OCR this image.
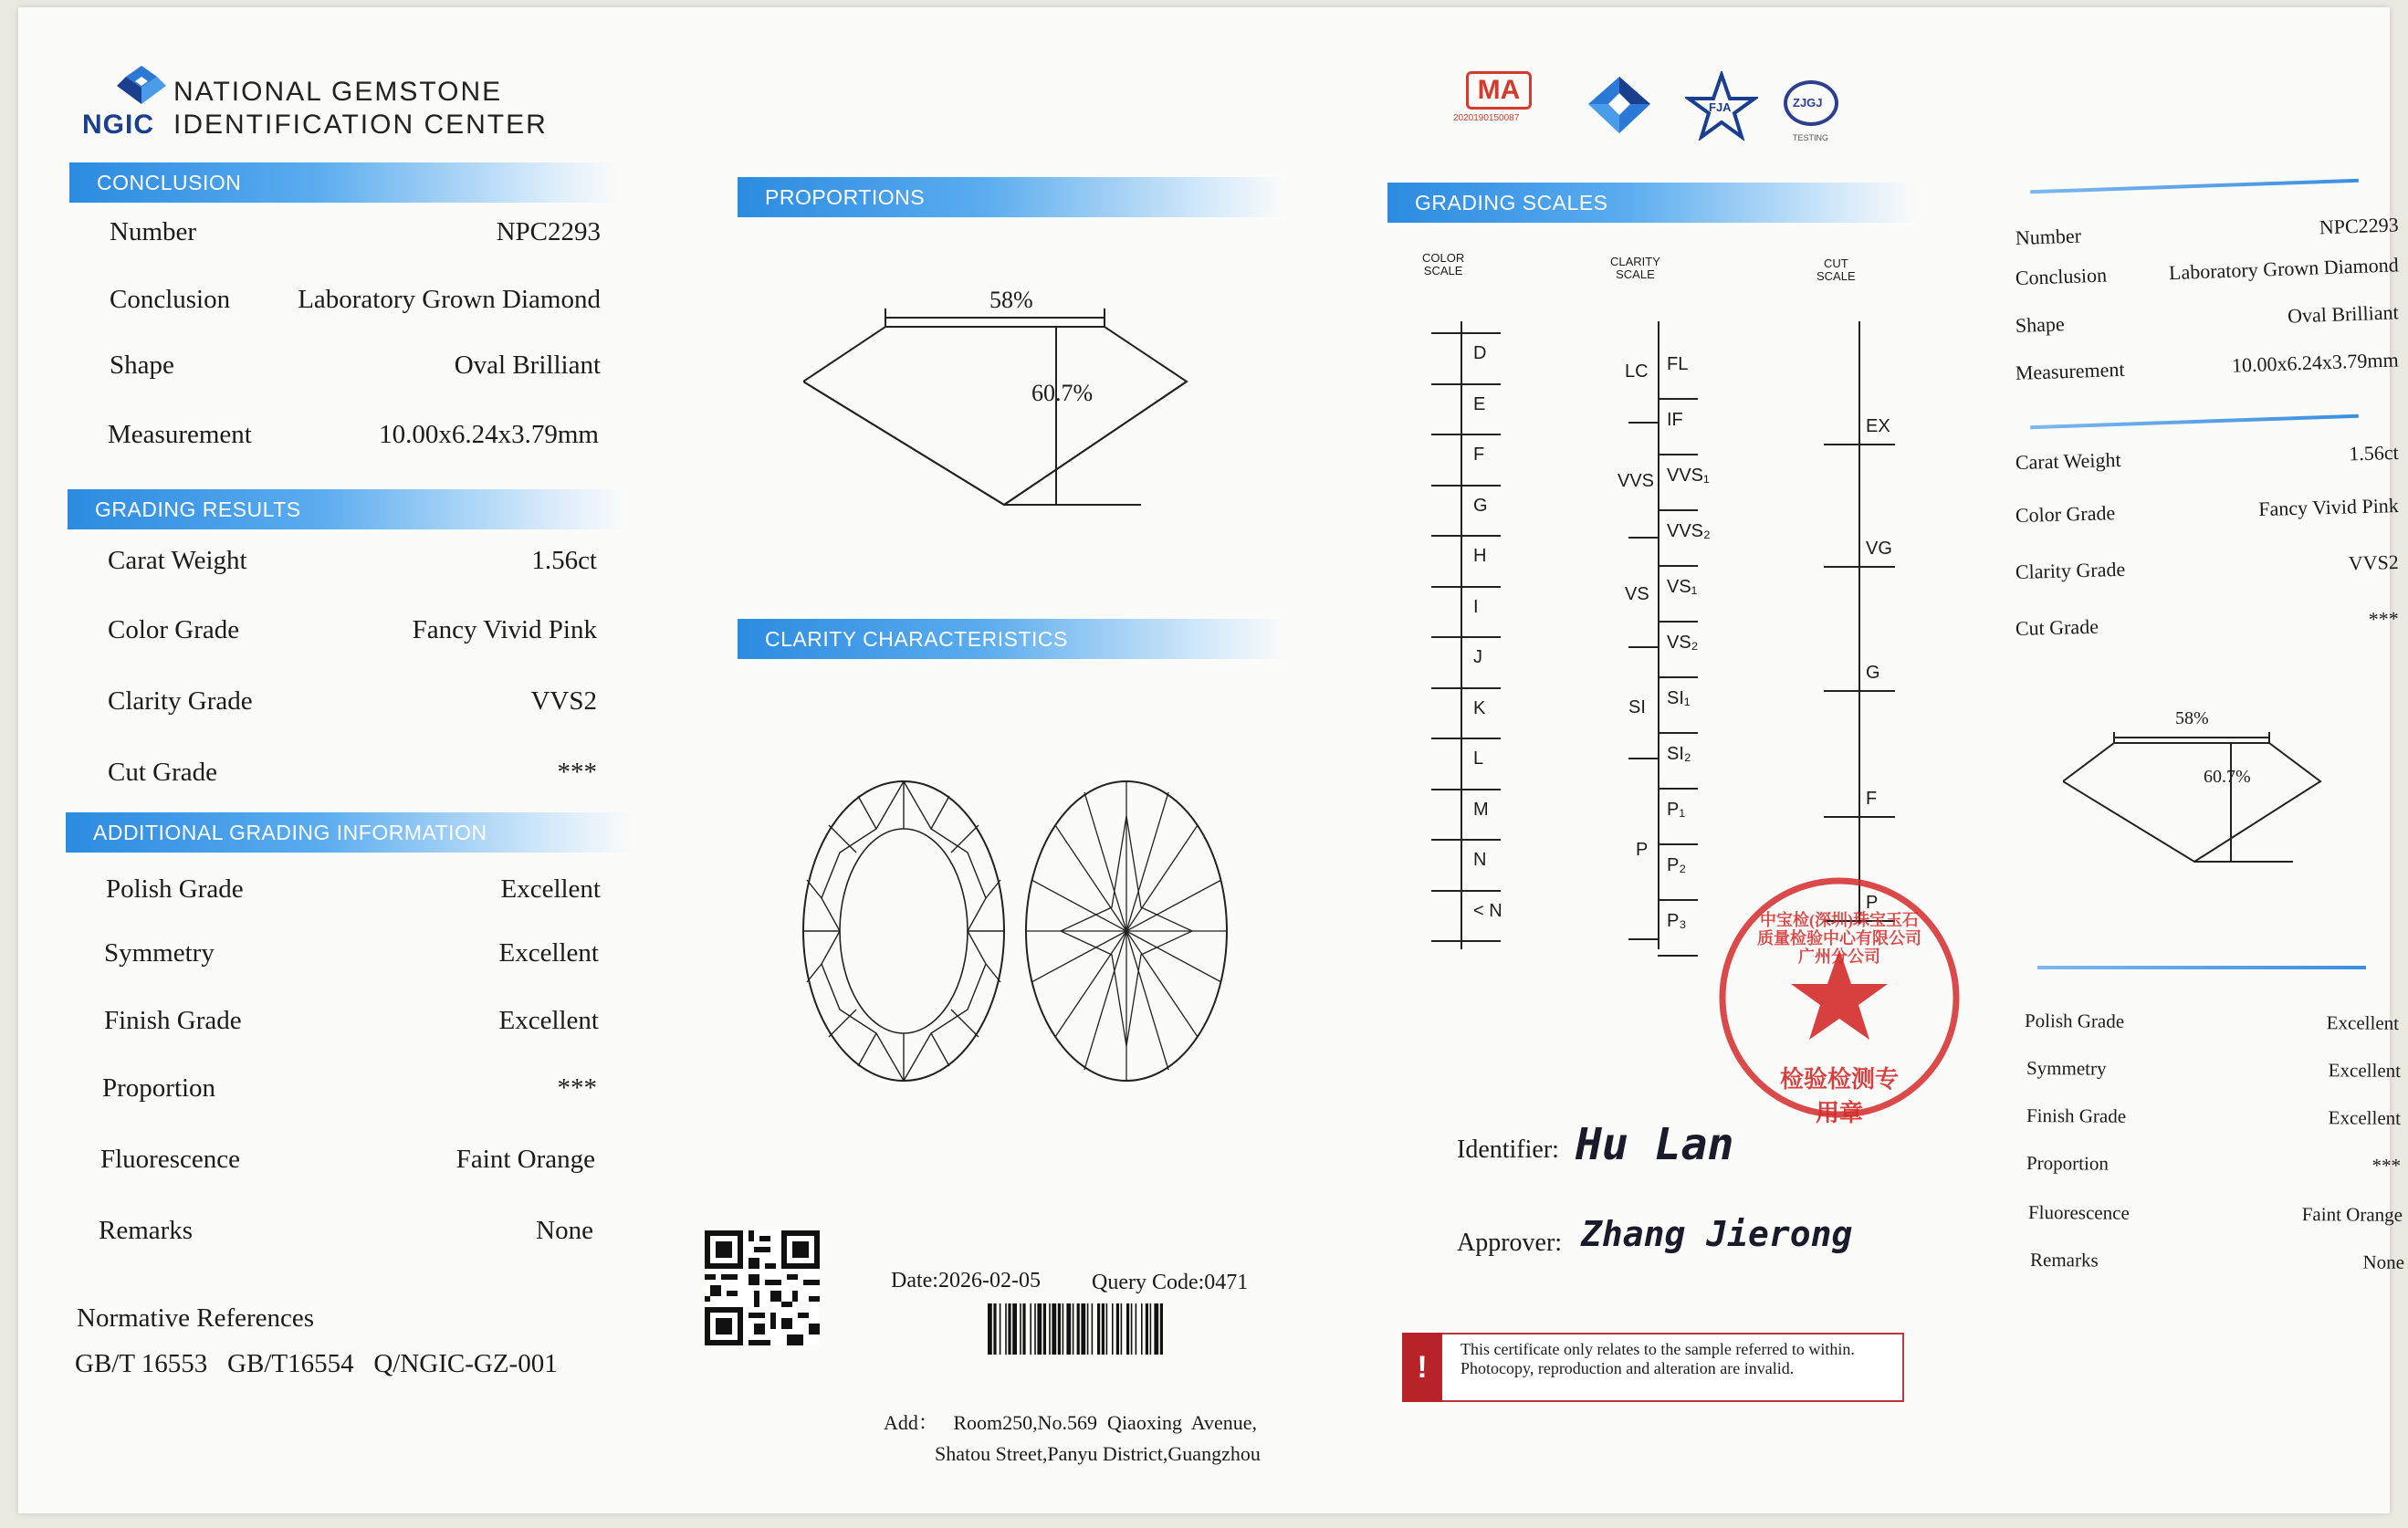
NGIC
NATIONAL GEMSTONE
IDENTIFICATION CENTER
CONCLUSION
Number	NPC2293
Conclusion	Laboratory Grown Diamond
Shape	Oval Brilliant
Measurement	10.00x6.24x3.79mm
GRADING RESULTS
Carat Weight	1.56ct
Color Grade	Fancy Vivid Pink
Clarity Grade	VVS2
Cut Grade	***
ADDITIONAL GRADING INFORMATION
Polish Grade	Excellent
Symmetry	Excellent
Finish Grade	Excellent
Proportion	***
Fluorescence	Faint Orange
Remarks	None
Normative References
GB/T 16553   GB/T16554   Q/NGIC-GZ-001
PROPORTIONS
58%
60.7%
CLARITY CHARACTERISTICS
Date:2026-02-05 Query Code:0471
Add：   Room250,No.569  Qiaoxing  Avenue,
Shatou Street,Panyu District,Guangzhou
MA
2020190150087
FJA	ZJGJ
TESTING
GRADING SCALES
COLOR
SCALE
CLARITY
SCALE
CUT
SCALE
D
E
F
G
H
I
J
K
L
M
N
< N
FL
IF
VVS₁
VVS₂
VS₁
VS₂
SI₁
SI₂
P₁
P₂
P₃
LC
VVS
VS
SI
P
EX
VG
G
F
P
中宝检(深圳)珠宝玉石质量检验中心有限公司广州分公司
检验检测专用章
Identifier: Hu Lan
Approver: Zhang Jierong
!
This certificate only relates to the sample referred to within. Photocopy, reproduction and alteration are invalid.
58%
60.7%
Number	NPC2293
Conclusion	Laboratory Grown Diamond
Shape	Oval Brilliant
Measurement	10.00x6.24x3.79mm
Carat Weight	1.56ct
Color Grade	Fancy Vivid Pink
Clarity Grade	VVS2
Cut Grade	***
Polish Grade	Excellent
Symmetry	Excellent
Finish Grade	Excellent
Proportion	***
Fluorescence	Faint Orange
Remarks	None
